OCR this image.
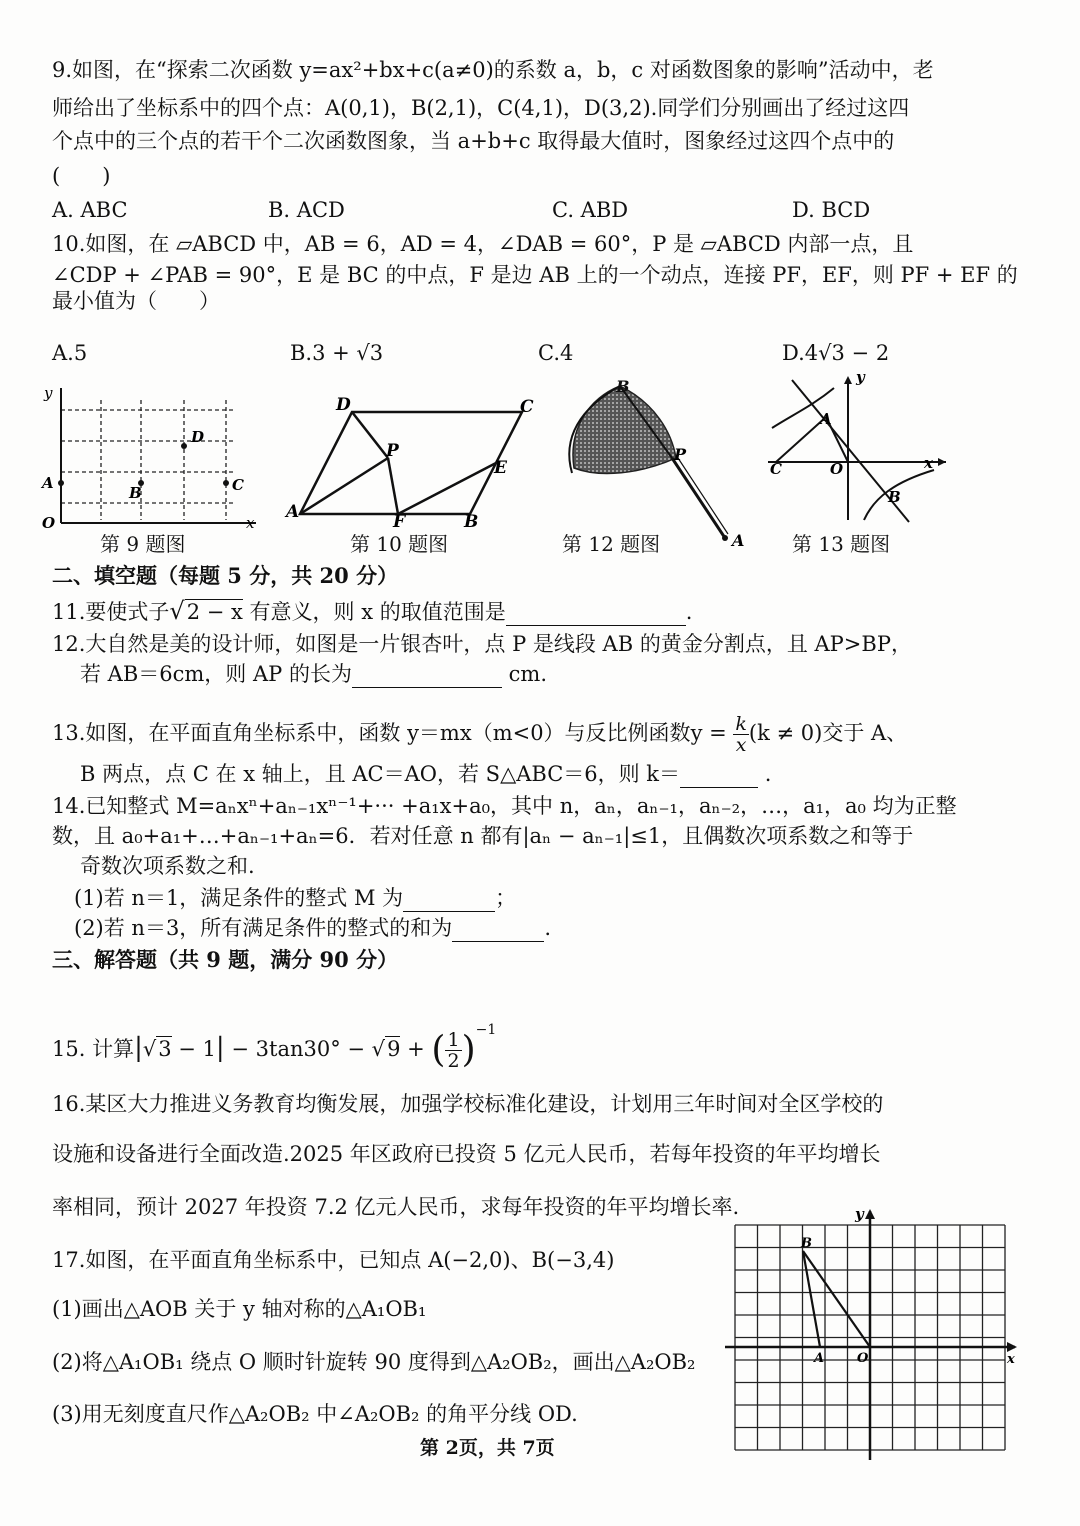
9.如图，在“探索二次函数 y=ax²+bx+c(a≠0)的系数 a，b，c 对函数图象的影响”活动中，老
师给出了坐标系中的四个点：A(0,1)，B(2,1)，C(4,1)，D(3,2).同学们分别画出了经过这四
个点中的三个点的若干个二次函数图象，当 a+b+c 取得最大值时，图象经过这四个点中的
(　　)
A. ABC	B. ACD	C. ABD	D. BCD
10.如图，在 ▱ABCD 中，AB = 6，AD = 4，∠DAB = 60°，P 是 ▱ABCD 内部一点，且
∠CDP + ∠PAB = 90°，E 是 BC 的中点，F 是边 AB 上的一个动点，连接 PF，EF，则 PF + EF 的
最小值为（　　）
A.5	B.3 + √3	C.4	D.4√3 − 2
y
D
A
B	C
O	x
第 9 题图
D	C
P
E
A	F	B
第 10 题图
B
P
A
第 12 题图
y
A
C	O	x
B
第 13 题图
二、填空题（每题 5 分，共 20 分）
11.要使式子√2 − x 有意义，则 x 的取值范围是	.
12.大自然是美的设计师，如图是一片银杏叶，点 P 是线段 AB 的黄金分割点，且 AP>BP，
若 AB＝6cm，则 AP 的长为	cm.
13.如图，在平面直角坐标系中，函数 y＝mx（m<0）与反比例函数$y = \frac{k}{x} (k \ne 0)$交于 A、
B 两点，点 C 在 x 轴上，且 AC＝AO，若 S△ABC＝6，则 k＝	.
14.已知整式 M=aₙxⁿ+aₙ₋₁xⁿ⁻¹+··· +a₁x+a₀，其中 n，aₙ，aₙ₋₁，aₙ₋₂，…，a₁，a₀ 均为正整
数，且 a₀+a₁+…+aₙ₋₁+aₙ=6．若对任意 n 都有|aₙ − aₙ₋₁|≤1，且偶数次项系数之和等于
奇数次项系数之和.
(1)若 n＝1，满足条件的整式 M 为	；
(2)若 n＝3，所有满足条件的整式的和为	.
三、解答题（共 9 题，满分 90 分）
15. 计算|√3 − 1| − 3tan30° − √9 + ( $\frac{1}{2} )^{-1}$
16.某区大力推进义务教育均衡发展，加强学校标准化建设，计划用三年时间对全区学校的
设施和设备进行全面改造.2025 年区政府已投资 5 亿元人民币，若每年投资的年平均增长
率相同，预计 2027 年投资 7.2 亿元人民币，求每年投资的年平均增长率.
17.如图，在平面直角坐标系中，已知点 A(−2,0)、B(−3,4)
(1)画出△AOB 关于 y 轴对称的△A₁OB₁
(2)将△A₁OB₁ 绕点 O 顺时针旋转 90 度得到△A₂OB₂，画出△A₂OB₂
(3)用无刻度直尺作△A₂OB₂ 中∠A₂OB₂ 的角平分线 OD.
y
B
A	O	x
第 2页，共 7页
